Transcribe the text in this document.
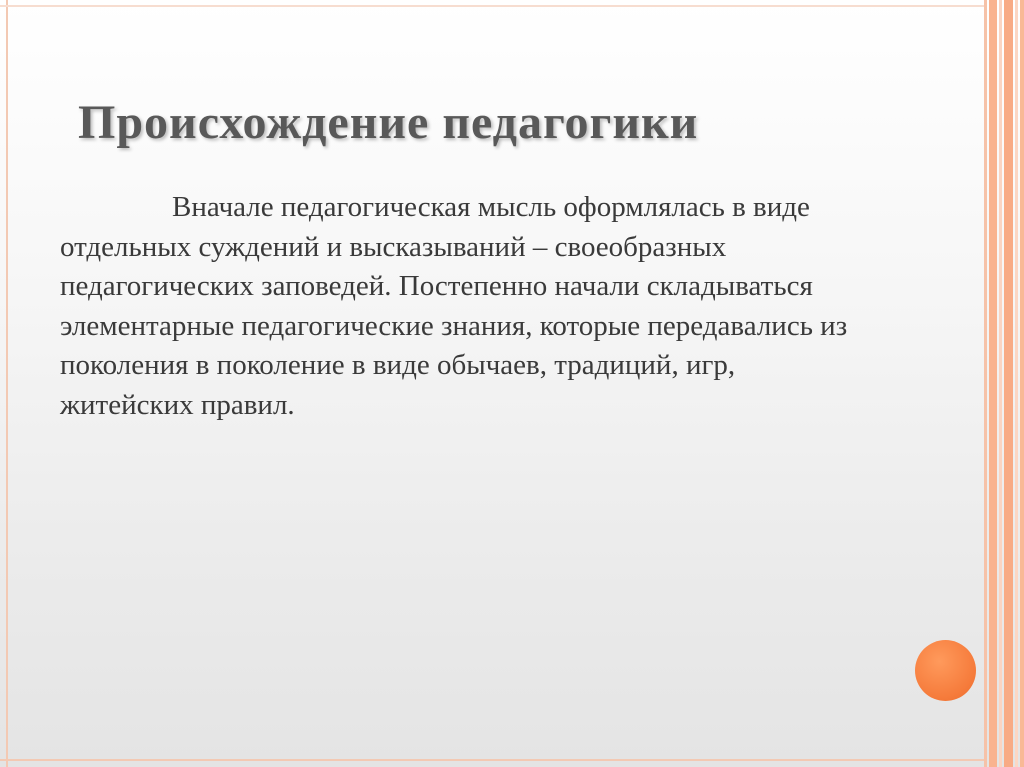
Происхождение педагогики

Вначале педагогическая мысль оформлялась в виде отдельных суждений и высказываний – своеобразных педагогических заповедей. Постепенно начали складываться элементарные педагогические знания, которые передавались из поколения в поколение в виде обычаев, традиций, игр, житейских правил.
